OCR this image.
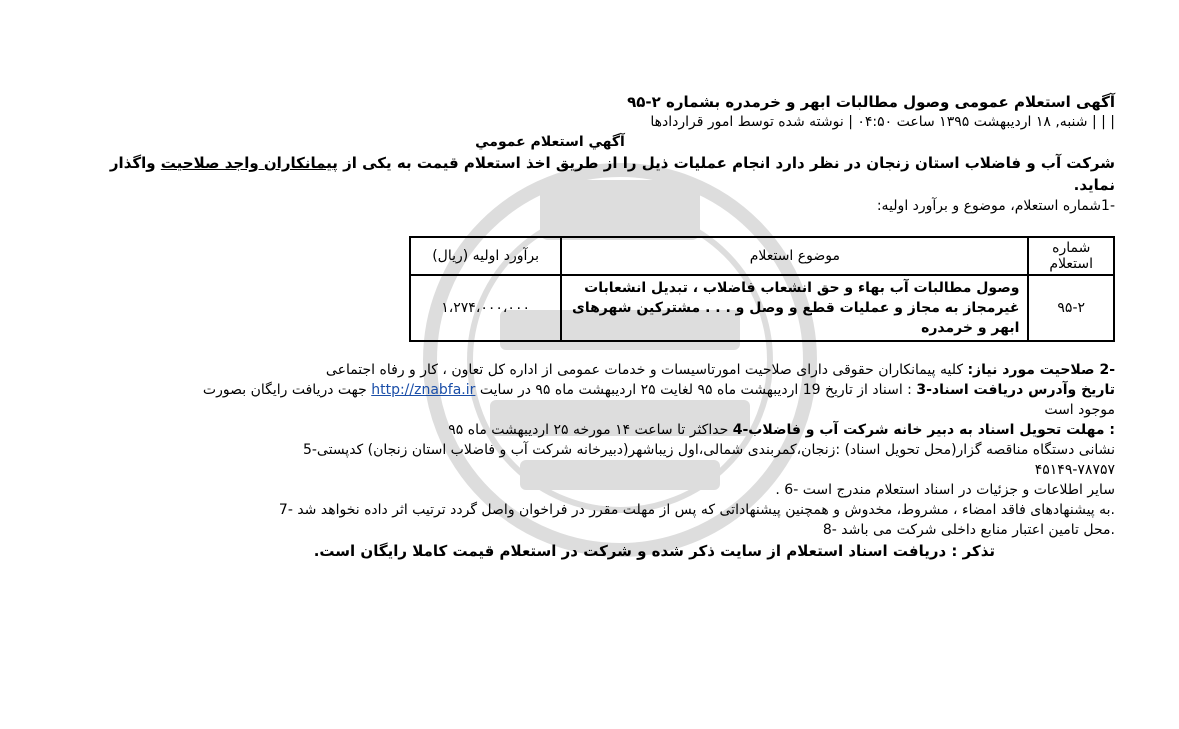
آگهی استعلام عمومی وصول مطالبات ابهر و خرمدره بشماره ۲-۹۵
| | | شنبه, ۱۸ اردیبهشت ۱۳۹۵ ساعت ۰۴:۵۰ | نوشته شده توسط امور قراردادها
آگهي استعلام عمومي
شرکت آب و فاضلاب استان زنجان در نظر دارد انجام عملیات ذیل را از طریق اخذ استعلام قیمت به یکی از پیمانکاران واجد صلاحیت واگذار نماید.
-1شماره استعلام، موضوع و برآورد اولیه:
شماره استعلام	موضوع استعلام	برآورد اولیه (ریال)
۹۵-۲	وصول مطالبات آب بهاء و حق انشعاب فاضلاب ، تبدیل انشعابات غیرمجاز به مجاز و عملیات قطع و وصل و . . . مشترکین شهرهای ابهر و خرمدره	۱،۲۷۴،۰۰۰،۰۰۰
-2 صلاحیت مورد نیاز: کلیه پیمانکاران حقوقی دارای صلاحیت امورتاسیسات و خدمات عمومی از اداره کل تعاون ، کار و رفاه اجتماعی
تاریخ وآدرس دریافت اسناد-3 : اسناد از تاریخ 19 اردیبهشت ماه ۹۵ لغایت ۲۵ اردیبهشت ماه ۹۵ در سایت http://znabfa.ir جهت دریافت رایگان بصورت
موجود است
: مهلت تحویل اسناد به دبیر خانه شرکت آب و فاضلاب-4 حداکثر تا ساعت ۱۴ مورخه ۲۵ اردیبهشت ماه ۹۵
نشانی دستگاه مناقصه گزار(محل تحویل اسناد) :زنجان،کمربندی شمالی،اول زیباشهر(دبیرخانه شرکت آب و فاضلاب استان زنجان) کدپستی-5
۴۵۱۴۹-۷۸۷۵۷
سایر اطلاعات و جزئیات در اسناد استعلام مندرج است -6 .
.به پیشنهادهای فاقد امضاء ، مشروط، مخدوش و همچنین پیشنهاداتی که پس از مهلت مقرر در فراخوان واصل گردد ترتیب اثر داده نخواهد شد -7
.محل تامین اعتبار منابع داخلی شرکت می باشد -8
تذکر : دریافت اسناد استعلام از سایت ذکر شده و شرکت در استعلام قیمت کاملا رایگان است.
